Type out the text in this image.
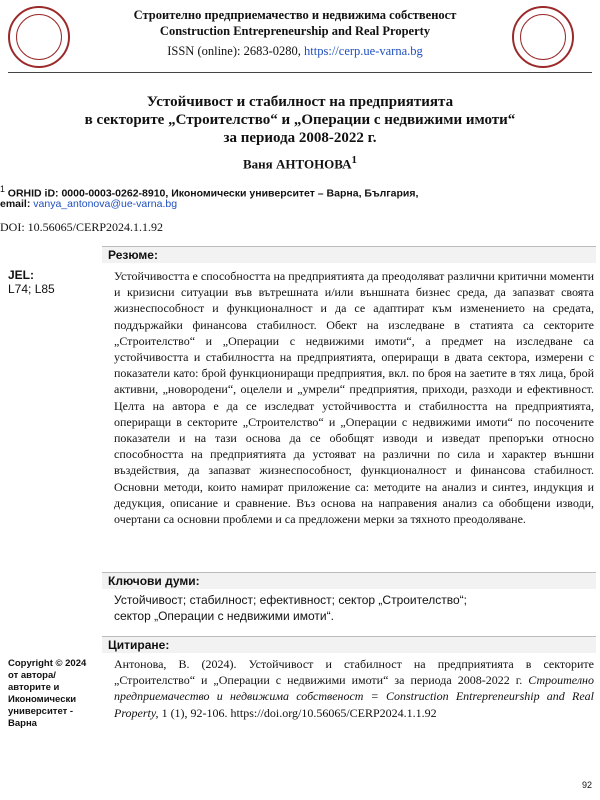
Строително предприемачество и недвижима собственост
Construction Entrepreneurship and Real Property
ISSN (online): 2683-0280, https://cerp.ue-varna.bg
Устойчивост и стабилност на предприятията
в секторите „Строителство“ и „Операции с недвижими имоти“
за периода 2008-2022 г.
Ваня АНТОНОВА$^1$
$^1$ ORHID iD: 0000-0003-0262-8910, Икономически университет – Варна, България,
email: vanya_antonova@ue-varna.bg
DOI: 10.56065/CERP2024.1.1.92
Резюме:
JEL:
L74; L85
Устойчивостта е способността на предприятията да преодоляват различни критични моменти и кризисни ситуации във вътрешната и/или външната бизнес среда, да запазват своята жизнеспособност и функционалност и да се адаптират към изменението на средата, поддържайки финансова стабилност. Обект на изследване в статията са секторите „Строителство“ и „Операции с недвижими имоти“, а предмет на изследване са устойчивостта и стабилността на предприятията, опериращи в двата сектора, измерени с показатели като: брой функциониращи предприятия, вкл. по броя на заетите в тях лица, брой активни, „новородени“, оцелели и „умрели“ предприятия, приходи, разходи и ефективност. Целта на автора е да се изследват устойчивостта и стабилността на предприятията, опериращи в секторите „Строителство“ и „Операции с недвижими имоти“ по посочените показатели и на тази основа да се обобщят изводи и изведат препоръки относно способността на предприятията да устояват на различни по сила и характер външни въздействия, да запазват жизнеспособност, функционалност и финансова стабилност. Основни методи, които намират приложение са: методите на анализ и синтез, индукция и дедукция, описание и сравнение. Въз основа на направения анализ са обобщени изводи, очертани са основни проблеми и са предложени мерки за тяхното преодоляване.
Ключови думи:
Устойчивост; стабилност; ефективност; сектор „Строителство“;
сектор „Операции с недвижими имоти“.
Цитиране:
Copyright © 2024
от автора/
авторите и
Икономически
университет -
Варна
Антонова, В. (2024). Устойчивост и стабилност на предприятията в секторите „Строителство“ и „Операции с недвижими имоти“ за периода 2008-2022 г. Строително предприемачество и недвижима собственост = Construction Entrepreneurship and Real Property, 1 (1), 92-106. https://doi.org/10.56065/CERP2024.1.1.92
92
